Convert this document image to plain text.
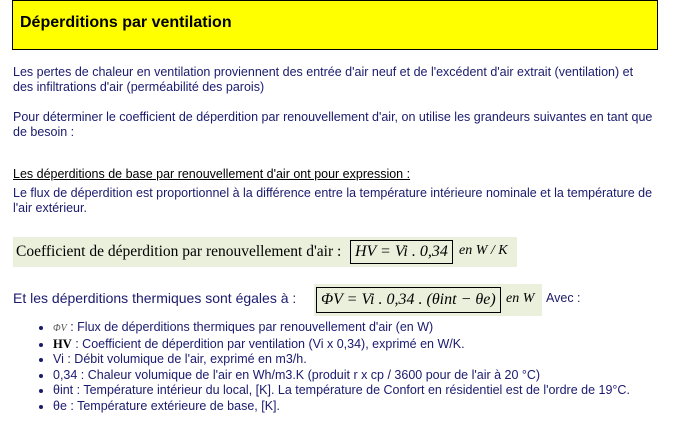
Déperditions par ventilation
Les pertes de chaleur en ventilation proviennent des entrée d'air neuf et de l'excédent d'air extrait (ventilation) et des infiltrations d'air (perméabilité des parois)
Pour déterminer le coefficient de déperdition par renouvellement d'air, on utilise les grandeurs suivantes en tant que de besoin :
Les déperditions de base par renouvellement d'air ont pour expression :
Le flux de déperdition est proportionnel à la différence entre la température intérieure nominale et la température de l'air extérieur.
Coefficient de déperdition par renouvellement d'air : HV = Vi . 0,34 en W / K
Et les déperditions thermiques sont égales à :	ΦV = Vi . 0,34 . (θint − θe) en W Avec :
• ΦV : Flux de déperditions thermiques par renouvellement d'air (en W)
• HV : Coefficient de déperdition par ventilation (Vi x 0,34), exprimé en W/K.
• Vi : Débit volumique de l'air, exprimé en m3/h.
• 0,34 : Chaleur volumique de l'air en Wh/m3.K (produit r x cp / 3600 pour de l'air à 20 °C)
• θint : Température intérieur du local, [K]. La température de Confort en résidentiel est de l'ordre de 19°C.
• θe : Température extérieure de base, [K].
